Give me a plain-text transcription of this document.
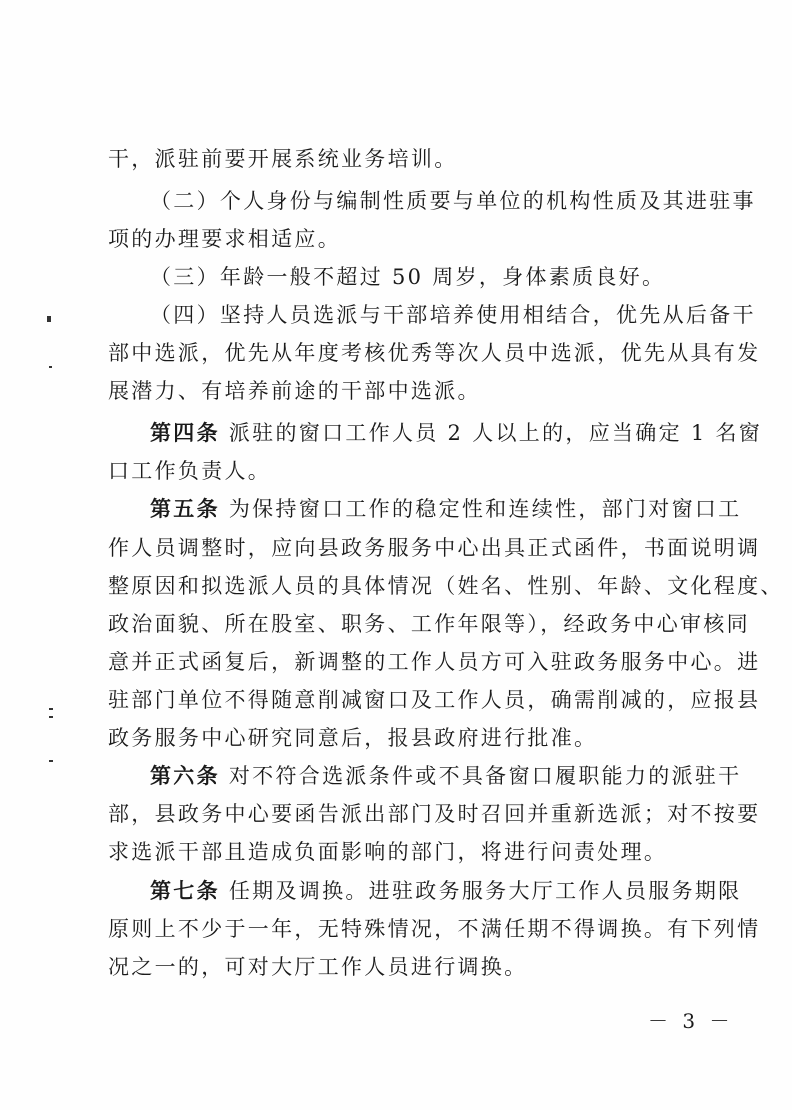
干，派驻前要开展系统业务培训。
（二）个人身份与编制性质要与单位的机构性质及其进驻事
项的办理要求相适应。
（三）年龄一般不超过 50 周岁，身体素质良好。
（四）坚持人员选派与干部培养使用相结合，优先从后备干
部中选派，优先从年度考核优秀等次人员中选派，优先从具有发
展潜力、有培养前途的干部中选派。
第四条 派驻的窗口工作人员 2 人以上的，应当确定 1 名窗
口工作负责人。
第五条 为保持窗口工作的稳定性和连续性，部门对窗口工
作人员调整时，应向县政务服务中心出具正式函件，书面说明调
整原因和拟选派人员的具体情况（姓名、性别、年龄、文化程度、
政治面貌、所在股室、职务、工作年限等），经政务中心审核同
意并正式函复后，新调整的工作人员方可入驻政务服务中心。进
驻部门单位不得随意削减窗口及工作人员，确需削减的，应报县
政务服务中心研究同意后，报县政府进行批准。
第六条 对不符合选派条件或不具备窗口履职能力的派驻干
部，县政务中心要函告派出部门及时召回并重新选派；对不按要
求选派干部且造成负面影响的部门，将进行问责处理。
第七条 任期及调换。进驻政务服务大厅工作人员服务期限
原则上不少于一年，无特殊情况，不满任期不得调换。有下列情
况之一的，可对大厅工作人员进行调换。
－ 3 －
